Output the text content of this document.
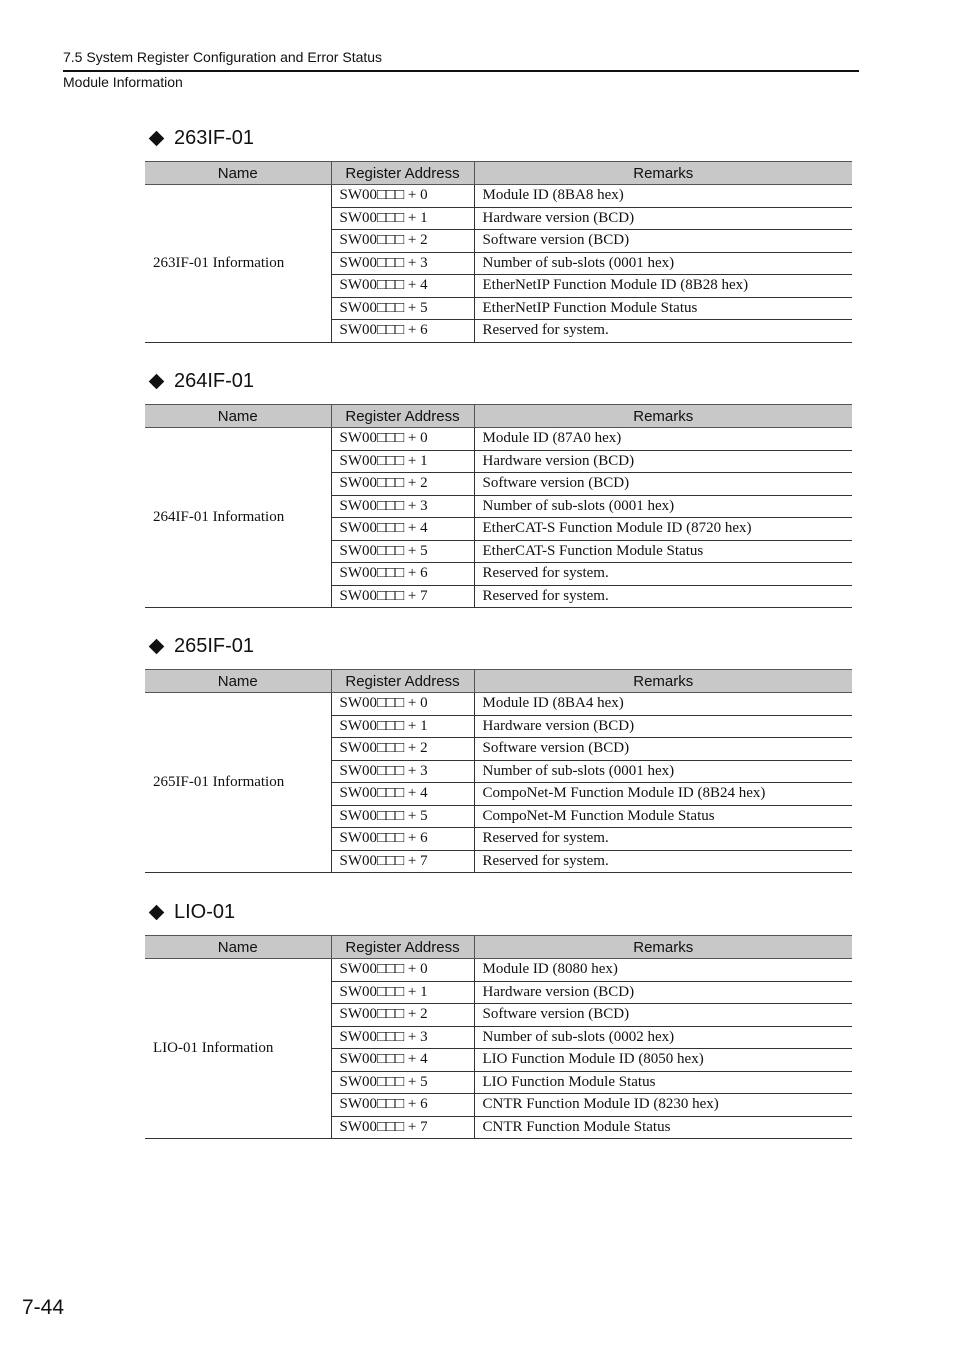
7.5 System Register Configuration and Error Status
Module Information
263IF-01
Name	Register Address	Remarks
263IF-01 Information	SW00□□□ + 0	Module ID (8BA8 hex)
	SW00□□□ + 1	Hardware version (BCD)
	SW00□□□ + 2	Software version (BCD)
	SW00□□□ + 3	Number of sub-slots (0001 hex)
	SW00□□□ + 4	EtherNetIP Function Module ID (8B28 hex)
	SW00□□□ + 5	EtherNetIP Function Module Status
	SW00□□□ + 6	Reserved for system.
264IF-01
Name	Register Address	Remarks
264IF-01 Information	SW00□□□ + 0	Module ID (87A0 hex)
	SW00□□□ + 1	Hardware version (BCD)
	SW00□□□ + 2	Software version (BCD)
	SW00□□□ + 3	Number of sub-slots (0001 hex)
	SW00□□□ + 4	EtherCAT-S Function Module ID (8720 hex)
	SW00□□□ + 5	EtherCAT-S Function Module Status
	SW00□□□ + 6	Reserved for system.
	SW00□□□ + 7	Reserved for system.
265IF-01
Name	Register Address	Remarks
265IF-01 Information	SW00□□□ + 0	Module ID (8BA4 hex)
	SW00□□□ + 1	Hardware version (BCD)
	SW00□□□ + 2	Software version (BCD)
	SW00□□□ + 3	Number of sub-slots (0001 hex)
	SW00□□□ + 4	CompoNet-M Function Module ID (8B24 hex)
	SW00□□□ + 5	CompoNet-M Function Module Status
	SW00□□□ + 6	Reserved for system.
	SW00□□□ + 7	Reserved for system.
LIO-01
Name	Register Address	Remarks
LIO-01 Information	SW00□□□ + 0	Module ID (8080 hex)
	SW00□□□ + 1	Hardware version (BCD)
	SW00□□□ + 2	Software version (BCD)
	SW00□□□ + 3	Number of sub-slots (0002 hex)
	SW00□□□ + 4	LIO Function Module ID (8050 hex)
	SW00□□□ + 5	LIO Function Module Status
	SW00□□□ + 6	CNTR Function Module ID (8230 hex)
	SW00□□□ + 7	CNTR Function Module Status
7-44
